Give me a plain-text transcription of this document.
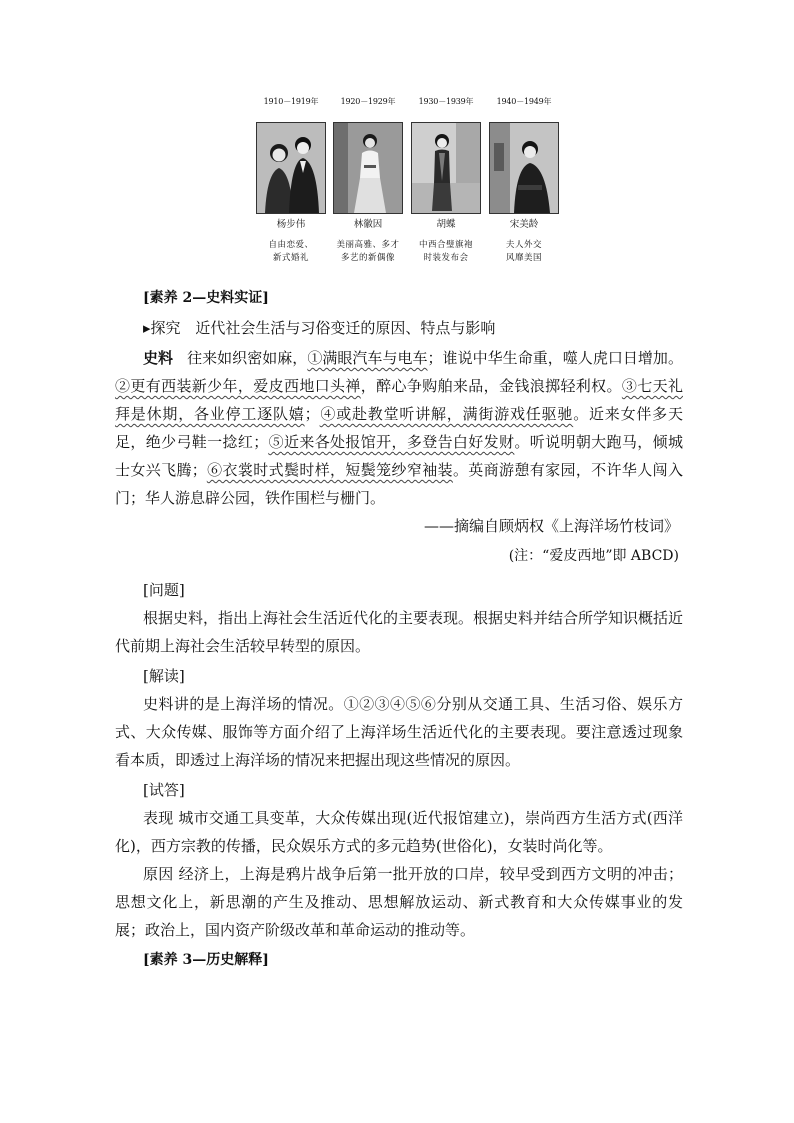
1910－1919年
杨步伟
自由恋爱、
新式婚礼
1920－1929年
林徽因
美丽高雅、多才
多艺的新偶像
1930－1939年
胡蝶
中西合璧旗袍
时装发布会
1940－1949年
宋美龄
夫人外交
风靡美国
[素养 2—史料实证]
▸探究 近代社会生活与习俗变迁的原因、特点与影响

史料 往来如织密如麻，①满眼汽车与电车；谁说中华生命重，噬人虎口日增加。②更有西装新少年，爱皮西地口头禅，醉心争购舶来品，金钱浪掷轻利权。③七天礼拜是休期，各业停工逐队嬉；④或赴教堂听讲解，满街游戏任驱驰。近来女伴多天足，绝少弓鞋一捻红；⑤近来各处报馆开，多登告白好发财。听说明朝大跑马，倾城士女兴飞腾；⑥衣裳时式鬓时样，短鬓笼纱窄袖装。英商游憩有家园，不许华人闯入门；华人游息辟公园，铁作围栏与栅门。

——摘编自顾炳权《上海洋场竹枝词》
(注：“爱皮西地”即 ABCD)
[问题]

根据史料，指出上海社会生活近代化的主要表现。根据史料并结合所学知识概括近代前期上海社会生活较早转型的原因。

[解读]

史料讲的是上海洋场的情况。①②③④⑤⑥分别从交通工具、生活习俗、娱乐方式、大众传媒、服饰等方面介绍了上海洋场生活近代化的主要表现。要注意透过现象看本质，即透过上海洋场的情况来把握出现这些情况的原因。

[试答]

表现 城市交通工具变革，大众传媒出现(近代报馆建立)，崇尚西方生活方式(西洋化)，西方宗教的传播，民众娱乐方式的多元趋势(世俗化)，女装时尚化等。

原因 经济上，上海是鸦片战争后第一批开放的口岸，较早受到西方文明的冲击；思想文化上，新思潮的产生及推动、思想解放运动、新式教育和大众传媒事业的发展；政治上，国内资产阶级改革和革命运动的推动等。

[素养 3—历史解释]
